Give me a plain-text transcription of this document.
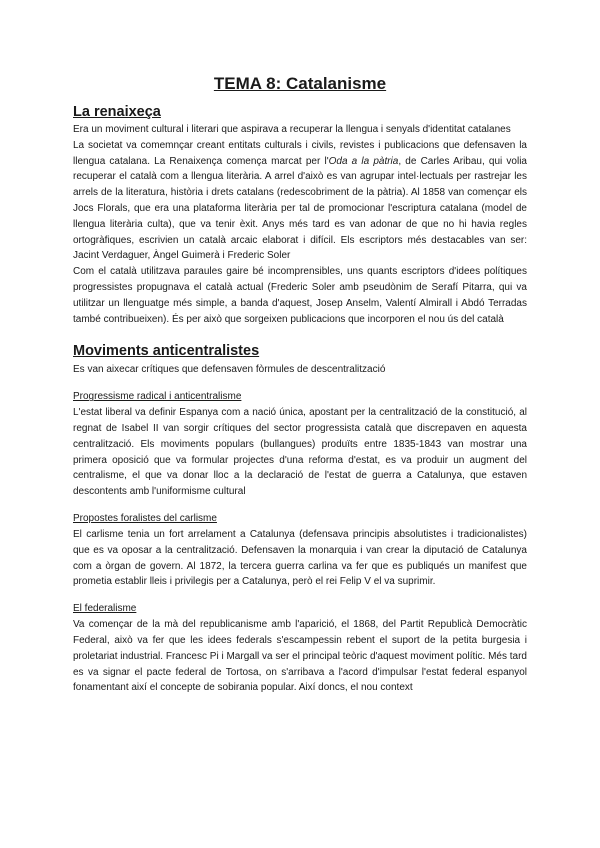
TEMA 8: Catalanisme
La renaixeça

Era un moviment cultural i literari que aspirava a recuperar la llengua i senyals d'identitat catalanes

La societat va comemnçar creant entitats culturals i civils, revistes i publicacions que defensaven la llengua catalana. La Renaixença comença marcat per l'Oda a la pàtria, de Carles Aribau, qui volia recuperar el català com a llengua literària. A arrel d'això es van agrupar intel·lectuals per rastrejar les arrels de la literatura, història i drets catalans (redescobriment de la pàtria). Al 1858 van començar els Jocs Florals, que era una plataforma literària per tal de promocionar l'escriptura catalana (model de llengua literària culta), que va tenir èxit. Anys més tard es van adonar de que no hi havia regles ortogràfiques, escrivien un català arcaic elaborat i difícil. Els escriptors més destacables van ser: Jacint Verdaguer, Àngel Guimerà i Frederic Soler

Com el català utilitzava paraules gaire bé incomprensibles, uns quants escriptors d'idees polítiques progressistes propugnava el català actual (Frederic Soler amb pseudònim de Serafí Pitarra, qui va utilitzar un llenguatge més simple, a banda d'aquest, Josep Anselm, Valentí Almirall i Abdó Terradas també contribueixen). És per això que sorgeixen publicacions que incorporen el nou ús del català

Moviments anticentralistes

Es van aixecar crítiques que defensaven fòrmules de descentralització

Progressisme radical i anticentralisme

L'estat liberal va definir Espanya com a nació única, apostant per la centralització de la constitució, al regnat de Isabel II van sorgir crítiques del sector progressista català que discrepaven en aquesta centralització. Els moviments populars (bullangues) produïts entre 1835-1843 van mostrar una primera oposició que va formular projectes d'una reforma d'estat, es va produir un augment del centralisme, el que va donar lloc a la declaració de l'estat de guerra a Catalunya, que estaven descontents amb l'uniformisme cultural

Propostes foralistes del carlisme

El carlisme tenia un fort arrelament a Catalunya (defensava principis absolutistes i tradicionalistes) que es va oposar a la centralització. Defensaven la monarquia i van crear la diputació de Catalunya com a òrgan de govern. Al 1872, la tercera guerra carlina va fer que es publiqués un manifest que prometia establir lleis i privilegis per a Catalunya, però el rei Felip V el va suprimir.

El federalisme

Va començar de la mà del republicanisme amb l'aparició, el 1868, del Partit Republicà Democràtic Federal, això va fer que les idees federals s'escampessin rebent el suport de la petita burgesia i proletariat industrial. Francesc Pi i Margall va ser el principal teòric d'aquest moviment polític. Més tard es va signar el pacte federal de Tortosa, on s'arribava a l'acord d'impulsar l'estat federal espanyol fonamentant així el concepte de sobirania popular. Així doncs, el nou context
